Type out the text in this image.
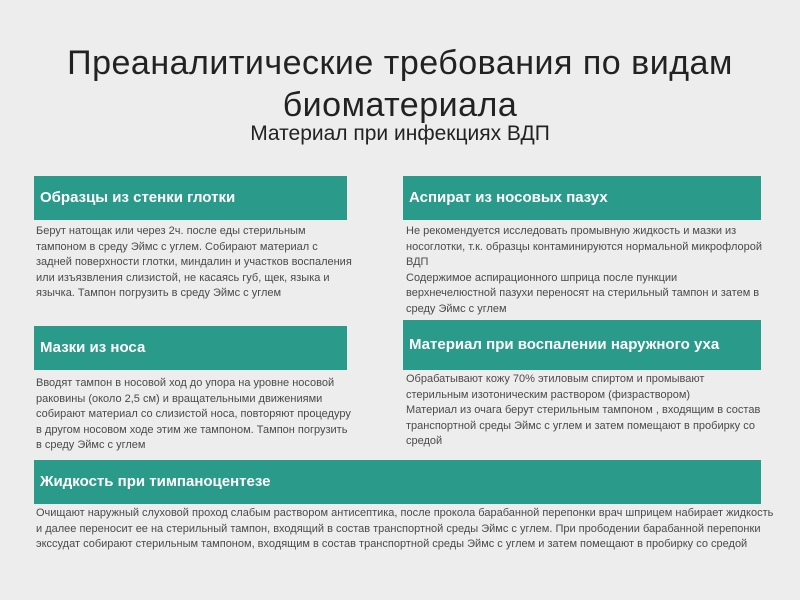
Преаналитические требования по видам биоматериала
Материал при инфекциях ВДП
Образцы из стенки глотки

Берут натощак или через 2ч. после еды стерильным тампоном в среду Эймс с углем. Собирают материал с задней поверхности глотки, миндалин и участков воспаления или изъязвления слизистой, не касаясь губ, щек, языка и язычка. Тампон погрузить в среду Эймс с углем

Аспират из носовых пазух

Не рекомендуется исследовать промывную жидкость и мазки из носоглотки, т.к. образцы контаминируются нормальной микрофлорой ВДП

Содержимое аспирационного шприца после пункции верхнечелюстной пазухи переносят на стерильный тампон и затем в среду Эймс с углем

Мазки из носа

Вводят тампон в носовой ход до упора на уровне носовой раковины (около 2,5 см) и вращательными движениями собирают материал со слизистой носа, повторяют процедуру в другом носовом ходе этим же тампоном. Тампон погрузить в среду Эймс с углем

Материал при воспалении наружного уха

Обрабатывают кожу 70% этиловым спиртом и промывают стерильным изотоническим раствором (физраствором)

Материал из очага берут стерильным тампоном , входящим в состав транспортной среды Эймс с углем и затем помещают в пробирку со средой

Жидкость при тимпаноцентезе

Очищают наружный слуховой проход слабым раствором антисептика, после прокола барабанной перепонки врач шприцем набирает жидкость и далее переносит ее на стерильный тампон, входящий в состав транспортной среды Эймс с углем. При прободении барабанной перепонки экссудат собирают стерильным тампоном, входящим в состав транспортной среды Эймс с углем и затем помещают в пробирку со средой
